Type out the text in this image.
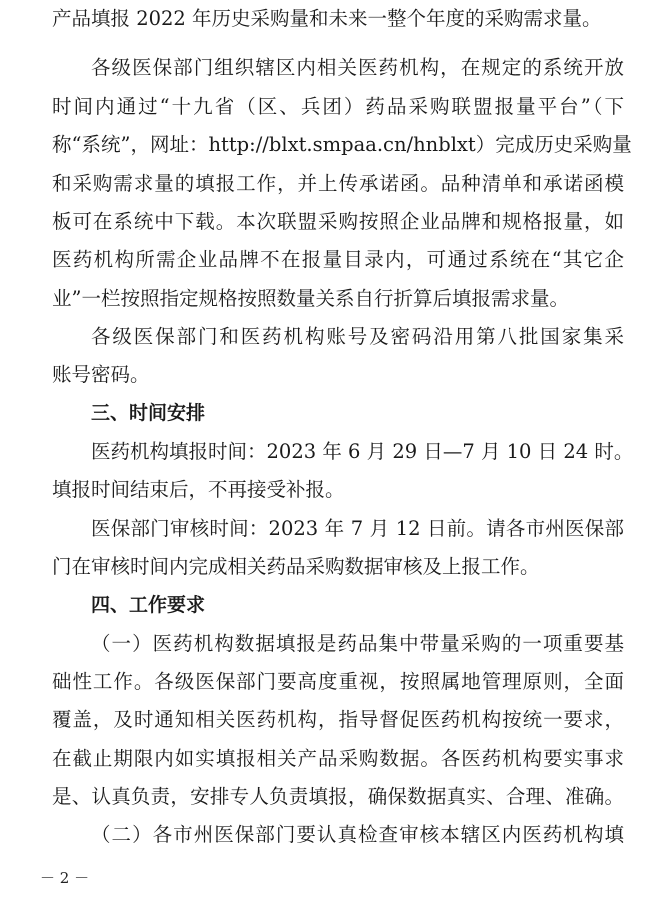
产品填报 2022 年历史采购量和未来一整个年度的采购需求量。
各级医保部门组织辖区内相关医药机构，在规定的系统开放
时间内通过“十九省（区、兵团）药品采购联盟报量平台”（下
称“系统”，网址：http://blxt.smpaa.cn/hnblxt）完成历史采购量
和采购需求量的填报工作，并上传承诺函。品种清单和承诺函模
板可在系统中下载。本次联盟采购按照企业品牌和规格报量，如
医药机构所需企业品牌不在报量目录内，可通过系统在“其它企
业”一栏按照指定规格按照数量关系自行折算后填报需求量。
各级医保部门和医药机构账号及密码沿用第八批国家集采
账号密码。
三、时间安排
医药机构填报时间：2023 年 6 月 29 日—7 月 10 日 24 时。
填报时间结束后，不再接受补报。
医保部门审核时间：2023 年 7 月 12 日前。请各市州医保部
门在审核时间内完成相关药品采购数据审核及上报工作。
四、工作要求
（一）医药机构数据填报是药品集中带量采购的一项重要基
础性工作。各级医保部门要高度重视，按照属地管理原则，全面
覆盖，及时通知相关医药机构，指导督促医药机构按统一要求，
在截止期限内如实填报相关产品采购数据。各医药机构要实事求
是、认真负责，安排专人负责填报，确保数据真实、合理、准确。
（二）各市州医保部门要认真检查审核本辖区内医药机构填
－ 2 －
